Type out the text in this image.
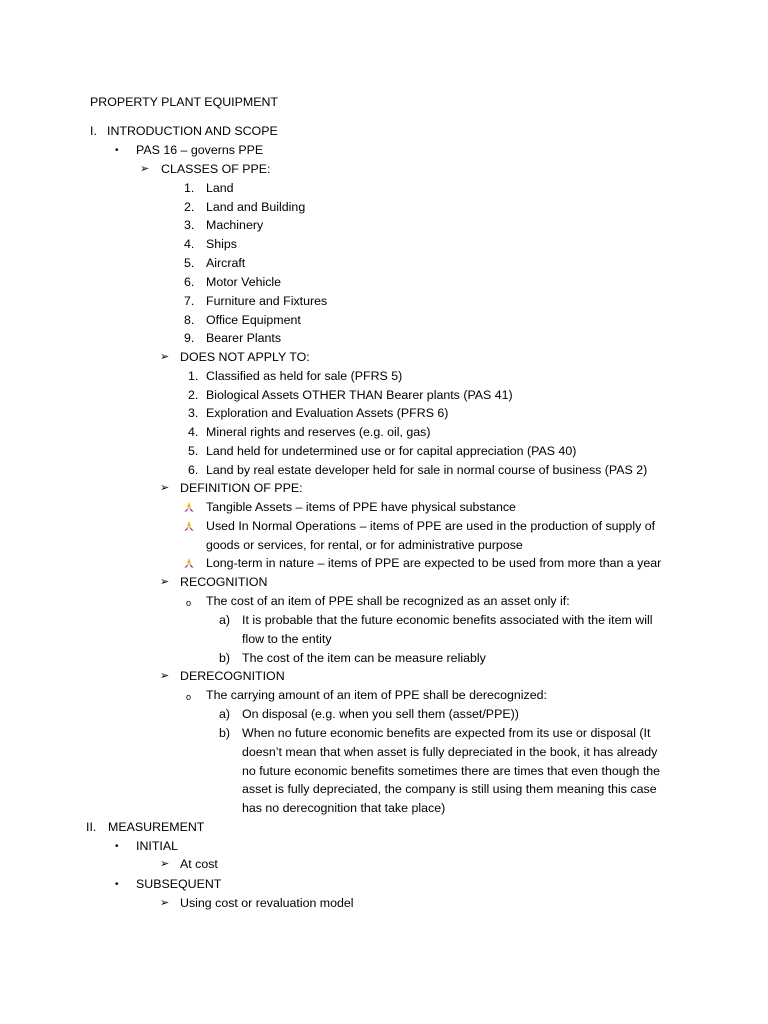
PROPERTY PLANT EQUIPMENT
I. INTRODUCTION AND SCOPE
• PAS 16 – governs PPE
➢ CLASSES OF PPE:
1. Land
2. Land and Building
3. Machinery
4. Ships
5. Aircraft
6. Motor Vehicle
7. Furniture and Fixtures
8. Office Equipment
9. Bearer Plants
➢ DOES NOT APPLY TO:
1. Classified as held for sale (PFRS 5)
2. Biological Assets OTHER THAN Bearer plants (PAS 41)
3. Exploration and Evaluation Assets (PFRS 6)
4. Mineral rights and reserves (e.g. oil, gas)
5. Land held for undetermined use or for capital appreciation (PAS 40)
6. Land by real estate developer held for sale in normal course of business (PAS 2)
➢ DEFINITION OF PPE:
Tangible Assets – items of PPE have physical substance
Used In Normal Operations – items of PPE are used in the production of supply of
goods or services, for rental, or for administrative purpose
Long-term in nature – items of PPE are expected to be used from more than a year
➢ RECOGNITION
o The cost of an item of PPE shall be recognized as an asset only if:
a) It is probable that the future economic benefits associated with the item will
flow to the entity
b) The cost of the item can be measure reliably
➢ DERECOGNITION
o The carrying amount of an item of PPE shall be derecognized:
a) On disposal (e.g. when you sell them (asset/PPE))
b) When no future economic benefits are expected from its use or disposal (It
doesn’t mean that when asset is fully depreciated in the book, it has already
no future economic benefits sometimes there are times that even though the
asset is fully depreciated, the company is still using them meaning this case
has no derecognition that take place)
II. MEASUREMENT
• INITIAL
➢ At cost
• SUBSEQUENT
➢ Using cost or revaluation model
